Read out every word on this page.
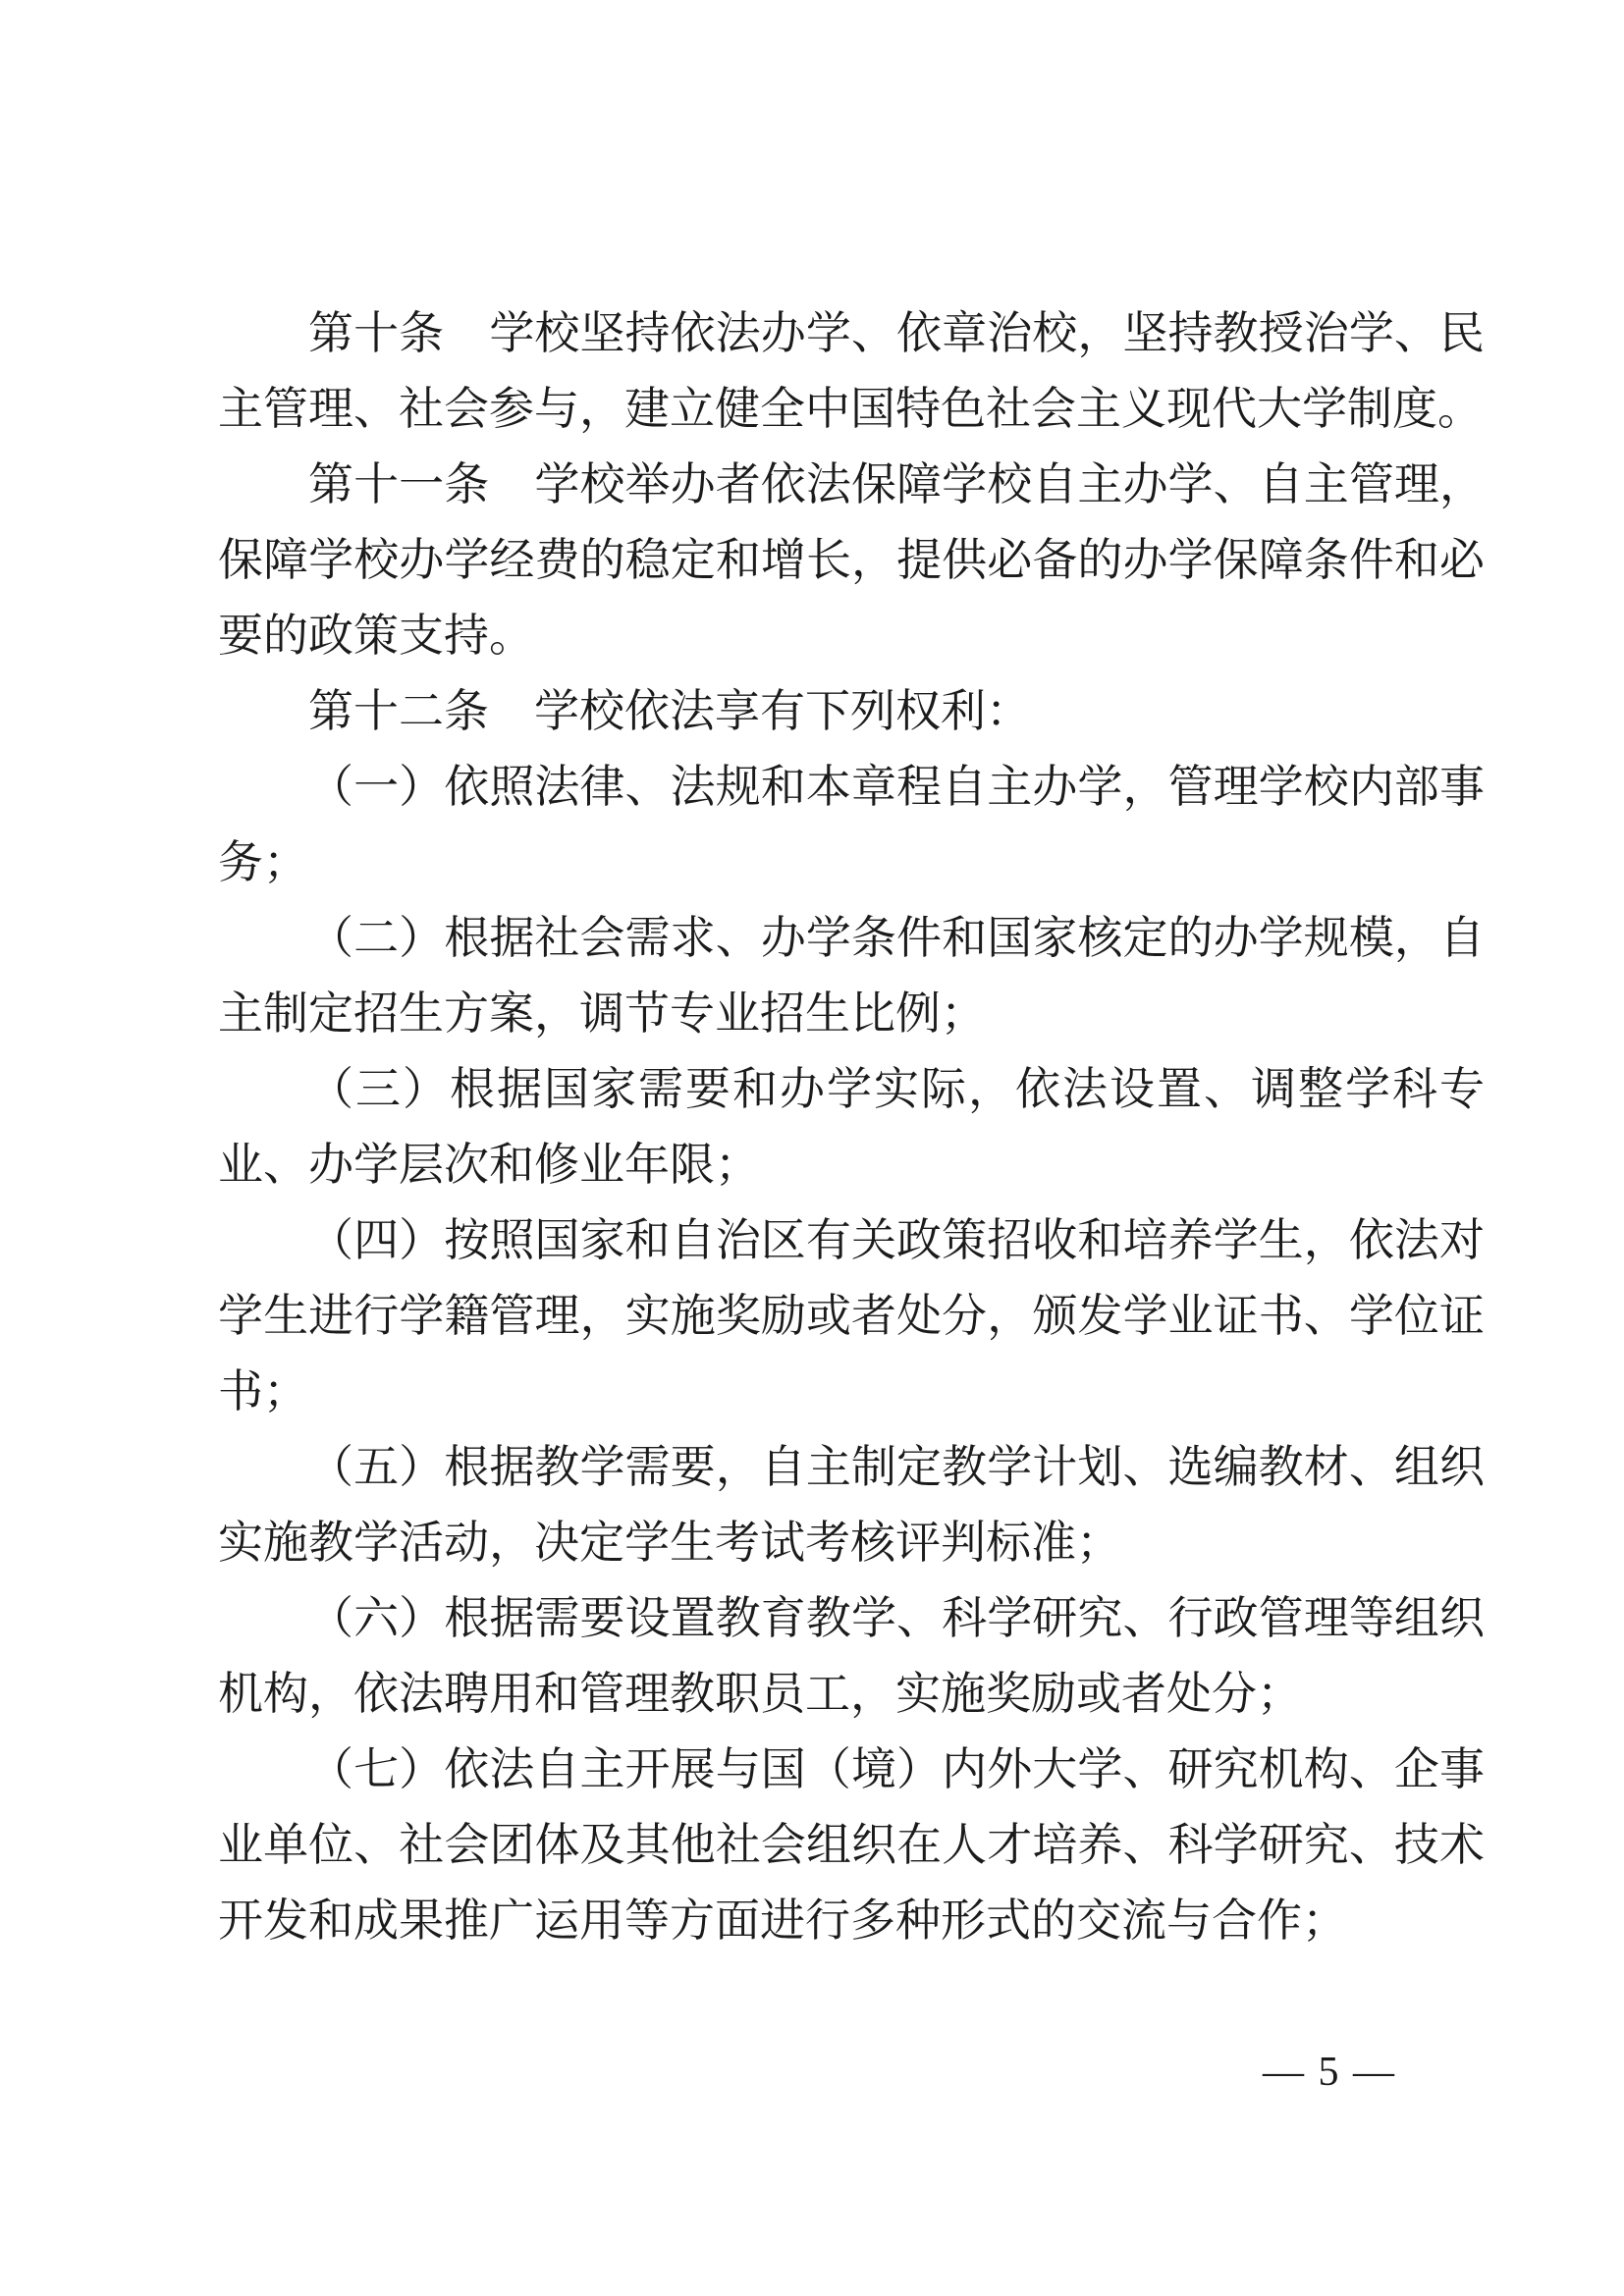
第十条　学校坚持依法办学、依章治校，坚持教授治学、民主管理、社会参与，建立健全中国特色社会主义现代大学制度。

第十一条　学校举办者依法保障学校自主办学、自主管理，保障学校办学经费的稳定和增长，提供必备的办学保障条件和必要的政策支持。

第十二条　学校依法享有下列权利：

（一）依照法律、法规和本章程自主办学，管理学校内部事务；

（二）根据社会需求、办学条件和国家核定的办学规模，自主制定招生方案，调节专业招生比例；

（三）根据国家需要和办学实际，依法设置、调整学科专业、办学层次和修业年限；

（四）按照国家和自治区有关政策招收和培养学生，依法对学生进行学籍管理，实施奖励或者处分，颁发学业证书、学位证书；

（五）根据教学需要，自主制定教学计划、选编教材、组织实施教学活动，决定学生考试考核评判标准；

（六）根据需要设置教育教学、科学研究、行政管理等组织机构，依法聘用和管理教职员工，实施奖励或者处分；

（七）依法自主开展与国（境）内外大学、研究机构、企事业单位、社会团体及其他社会组织在人才培养、科学研究、技术开发和成果推广运用等方面进行多种形式的交流与合作；

— 5 —
